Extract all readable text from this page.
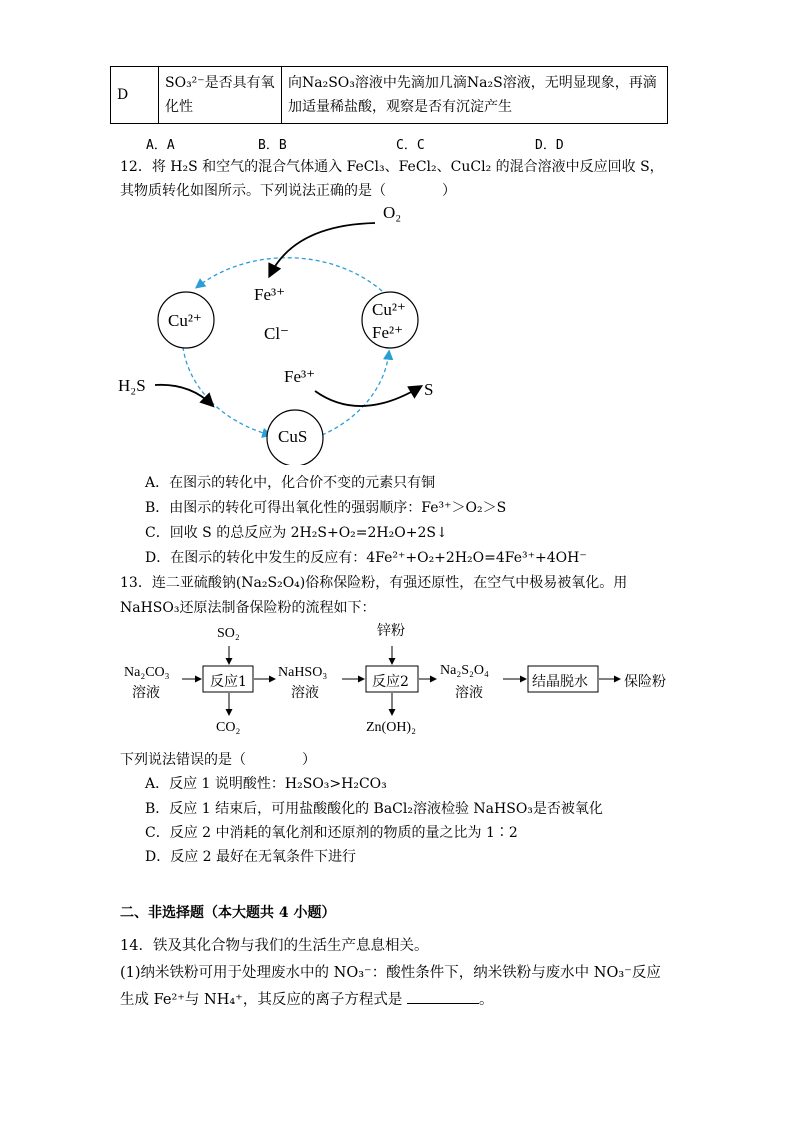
D	SO₃²⁻是否具有氧化性	向Na₂SO₃溶液中先滴加几滴Na₂S溶液，无明显现象，再滴加适量稀盐酸，观察是否有沉淀产生
A．A	B．B	C．C	D．D
12．将 H₂S 和空气的混合气体通入 FeCl₃、FeCl₂、CuCl₂ 的混合溶液中反应回收 S，
其物质转化如图所示。下列说法正确的是（　　　　）
O₂
Fe³⁺
Cu²⁺
Cl⁻
Cu²⁺
Fe²⁺
H₂S	Fe³⁺
S
CuS
A．在图示的转化中，化合价不变的元素只有铜
B．由图示的转化可得出氧化性的强弱顺序：Fe³⁺＞O₂＞S
C．回收 S 的总反应为 2H₂S+O₂=2H₂O+2S↓
D．在图示的转化中发生的反应有：4Fe²⁺+O₂+2H₂O=4Fe³⁺+4OH⁻
13．连二亚硫酸钠(Na₂S₂O₄)俗称保险粉，有强还原性，在空气中极易被氧化。用
NaHSO₃还原法制备保险粉的流程如下：
SO₂	锌粉
Na₂CO₃
溶液
反应1
NaHSO₃
溶液
反应2
Na₂S₂O₄
溶液
结晶脱水	保险粉
CO₂	Zn(OH)₂
下列说法错误的是（　　　　）
A．反应 1 说明酸性：H₂SO₃>H₂CO₃
B．反应 1 结束后，可用盐酸酸化的 BaCl₂溶液检验 NaHSO₃是否被氧化
C．反应 2 中消耗的氧化剂和还原剂的物质的量之比为 1∶2
D．反应 2 最好在无氧条件下进行
二、非选择题（本大题共 4 小题）
14．铁及其化合物与我们的生活生产息息相关。
(1)纳米铁粉可用于处理废水中的 NO₃⁻：酸性条件下，纳米铁粉与废水中 NO₃⁻反应
生成 Fe²⁺与 NH₄⁺，其反应的离子方程式是	。
